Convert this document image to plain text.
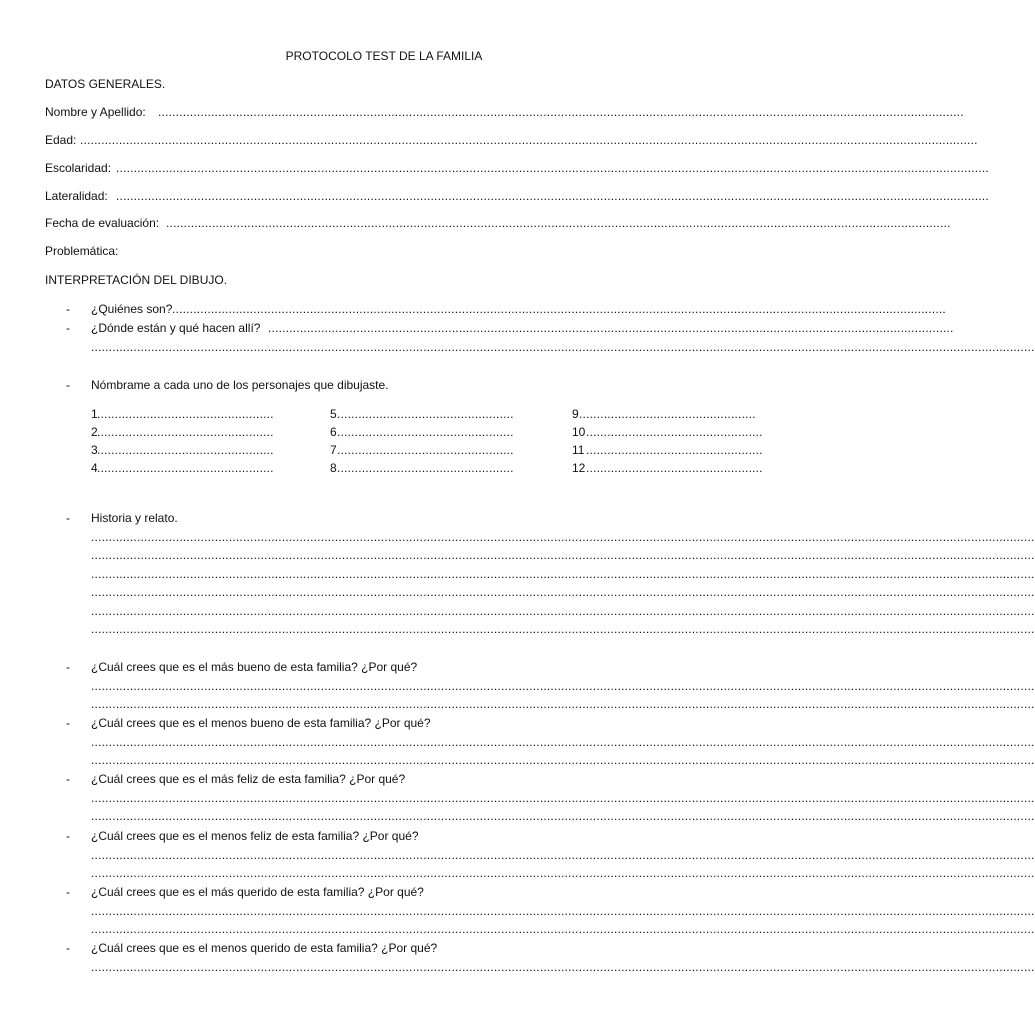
PROTOCOLO TEST DE LA FAMILIA
DATOS GENERALES.
Nombre y Apellido: ....................................................................................................................................................................................................................................
Edad: ..............................................................................................................................................................................................................................................................
Escolaridad: .......................................................................................................................................................................................................................................................
Lateralidad: .......................................................................................................................................................................................................................................................
Fecha de evaluación: ..............................................................................................................................................................................................................................
Problemática:
INTERPRETACIÓN DEL DIBUJO.
- ¿Quiénes son? ...........................................................................................................................................................................................................................
- ¿Dónde están y qué hacen allí? ..................................................................................................................................................................................................
...........................................................................................................................................................................................................................................................................
- Nómbrame a cada uno de los personajes que dibujaste.
1 ..................................................
2 ..................................................
3 ..................................................
4 ..................................................
5 ..................................................
6 ..................................................
7 ..................................................
8 ..................................................
9 ..................................................
10 ..................................................
11 ..................................................
12 ..................................................
- Historia y relato.
...........................................................................................................................................................................................................................................................................
...........................................................................................................................................................................................................................................................................
...........................................................................................................................................................................................................................................................................
...........................................................................................................................................................................................................................................................................
...........................................................................................................................................................................................................................................................................
...........................................................................................................................................................................................................................................................................
- ¿Cuál crees que es el más bueno de esta familia? ¿Por qué?
...........................................................................................................................................................................................................................................................................
...........................................................................................................................................................................................................................................................................
- ¿Cuál crees que es el menos bueno de esta familia? ¿Por qué?
...........................................................................................................................................................................................................................................................................
...........................................................................................................................................................................................................................................................................
- ¿Cuál crees que es el más feliz de esta familia? ¿Por qué?
...........................................................................................................................................................................................................................................................................
...........................................................................................................................................................................................................................................................................
- ¿Cuál crees que es el menos feliz de esta familia? ¿Por qué?
...........................................................................................................................................................................................................................................................................
...........................................................................................................................................................................................................................................................................
- ¿Cuál crees que es el más querido de esta familia? ¿Por qué?
...........................................................................................................................................................................................................................................................................
...........................................................................................................................................................................................................................................................................
- ¿Cuál crees que es el menos querido de esta familia? ¿Por qué?
...........................................................................................................................................................................................................................................................................
